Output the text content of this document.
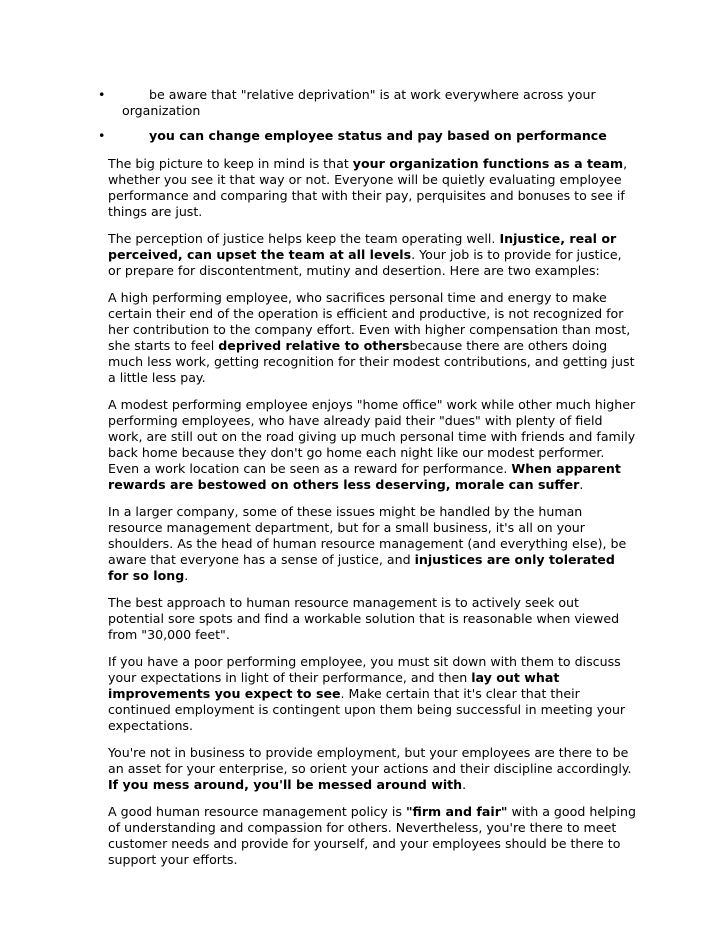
•	be aware that "relative deprivation" is at work everywhere across your organization
•	you can change employee status and pay based on performance

The big picture to keep in mind is that your organization functions as a team, whether you see it that way or not. Everyone will be quietly evaluating employee performance and comparing that with their pay, perquisites and bonuses to see if things are just.

The perception of justice helps keep the team operating well. Injustice, real or perceived, can upset the team at all levels. Your job is to provide for justice, or prepare for discontentment, mutiny and desertion. Here are two examples:

A high performing employee, who sacrifices personal time and energy to make certain their end of the operation is efficient and productive, is not recognized for her contribution to the company effort. Even with higher compensation than most, she starts to feel deprived relative to othersbecause there are others doing much less work, getting recognition for their modest contributions, and getting just a little less pay.

A modest performing employee enjoys "home office" work while other much higher performing employees, who have already paid their "dues" with plenty of field work, are still out on the road giving up much personal time with friends and family back home because they don't go home each night like our modest performer. Even a work location can be seen as a reward for performance. When apparent rewards are bestowed on others less deserving, morale can suffer.

In a larger company, some of these issues might be handled by the human resource management department, but for a small business, it's all on your shoulders. As the head of human resource management (and everything else), be aware that everyone has a sense of justice, and injustices are only tolerated for so long.

The best approach to human resource management is to actively seek out potential sore spots and find a workable solution that is reasonable when viewed from "30,000 feet".

If you have a poor performing employee, you must sit down with them to discuss your expectations in light of their performance, and then lay out what improvements you expect to see. Make certain that it's clear that their continued employment is contingent upon them being successful in meeting your expectations.

You're not in business to provide employment, but your employees are there to be an asset for your enterprise, so orient your actions and their discipline accordingly. If you mess around, you'll be messed around with.

A good human resource management policy is "firm and fair" with a good helping of understanding and compassion for others. Nevertheless, you're there to meet customer needs and provide for yourself, and your employees should be there to support your efforts.
